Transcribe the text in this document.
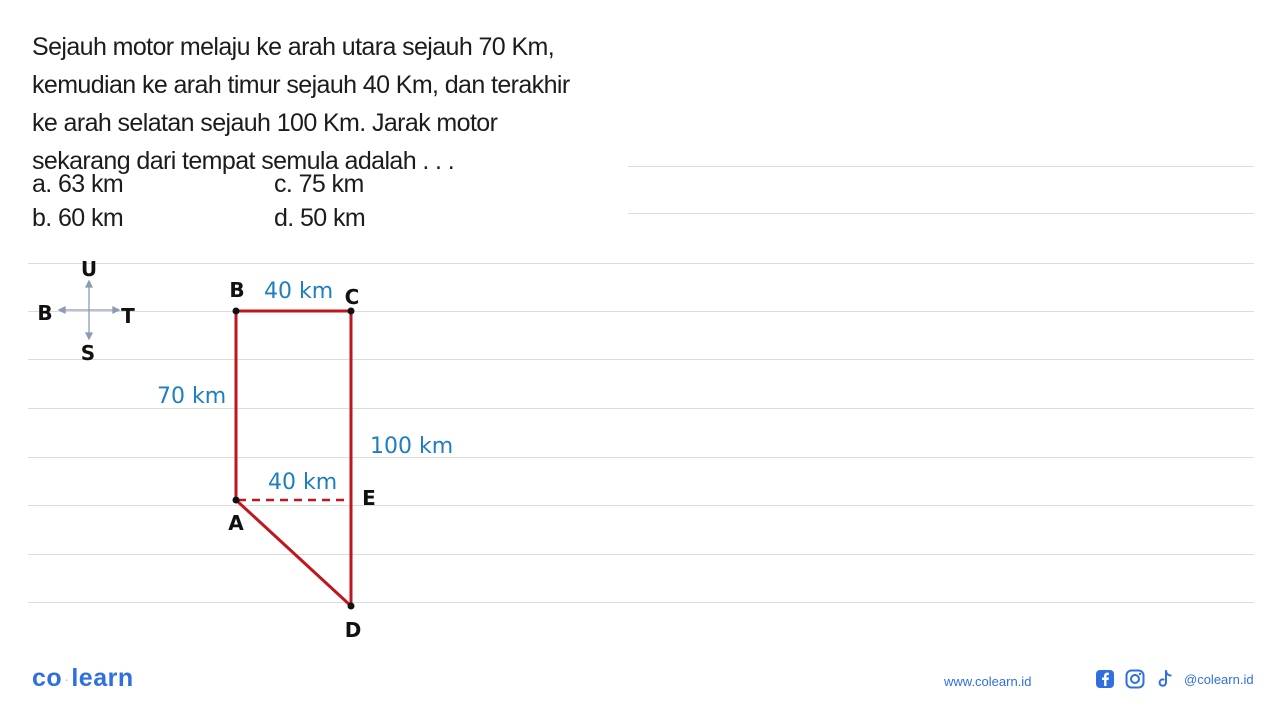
Sejauh motor melaju ke arah utara sejauh 70 Km,

kemudian ke arah timur sejauh 40 Km, dan terakhir

ke arah selatan sejauh 100 Km. Jarak motor

sekarang dari tempat semula adalah . . .

a. 63 km	c. 75 km
b. 60 km	d. 50 km
U
B	T
S
B	C
A
E
D
40 km
70 km
100 km
40 km
co ·learn	www.colearn.id	@colearn.id
